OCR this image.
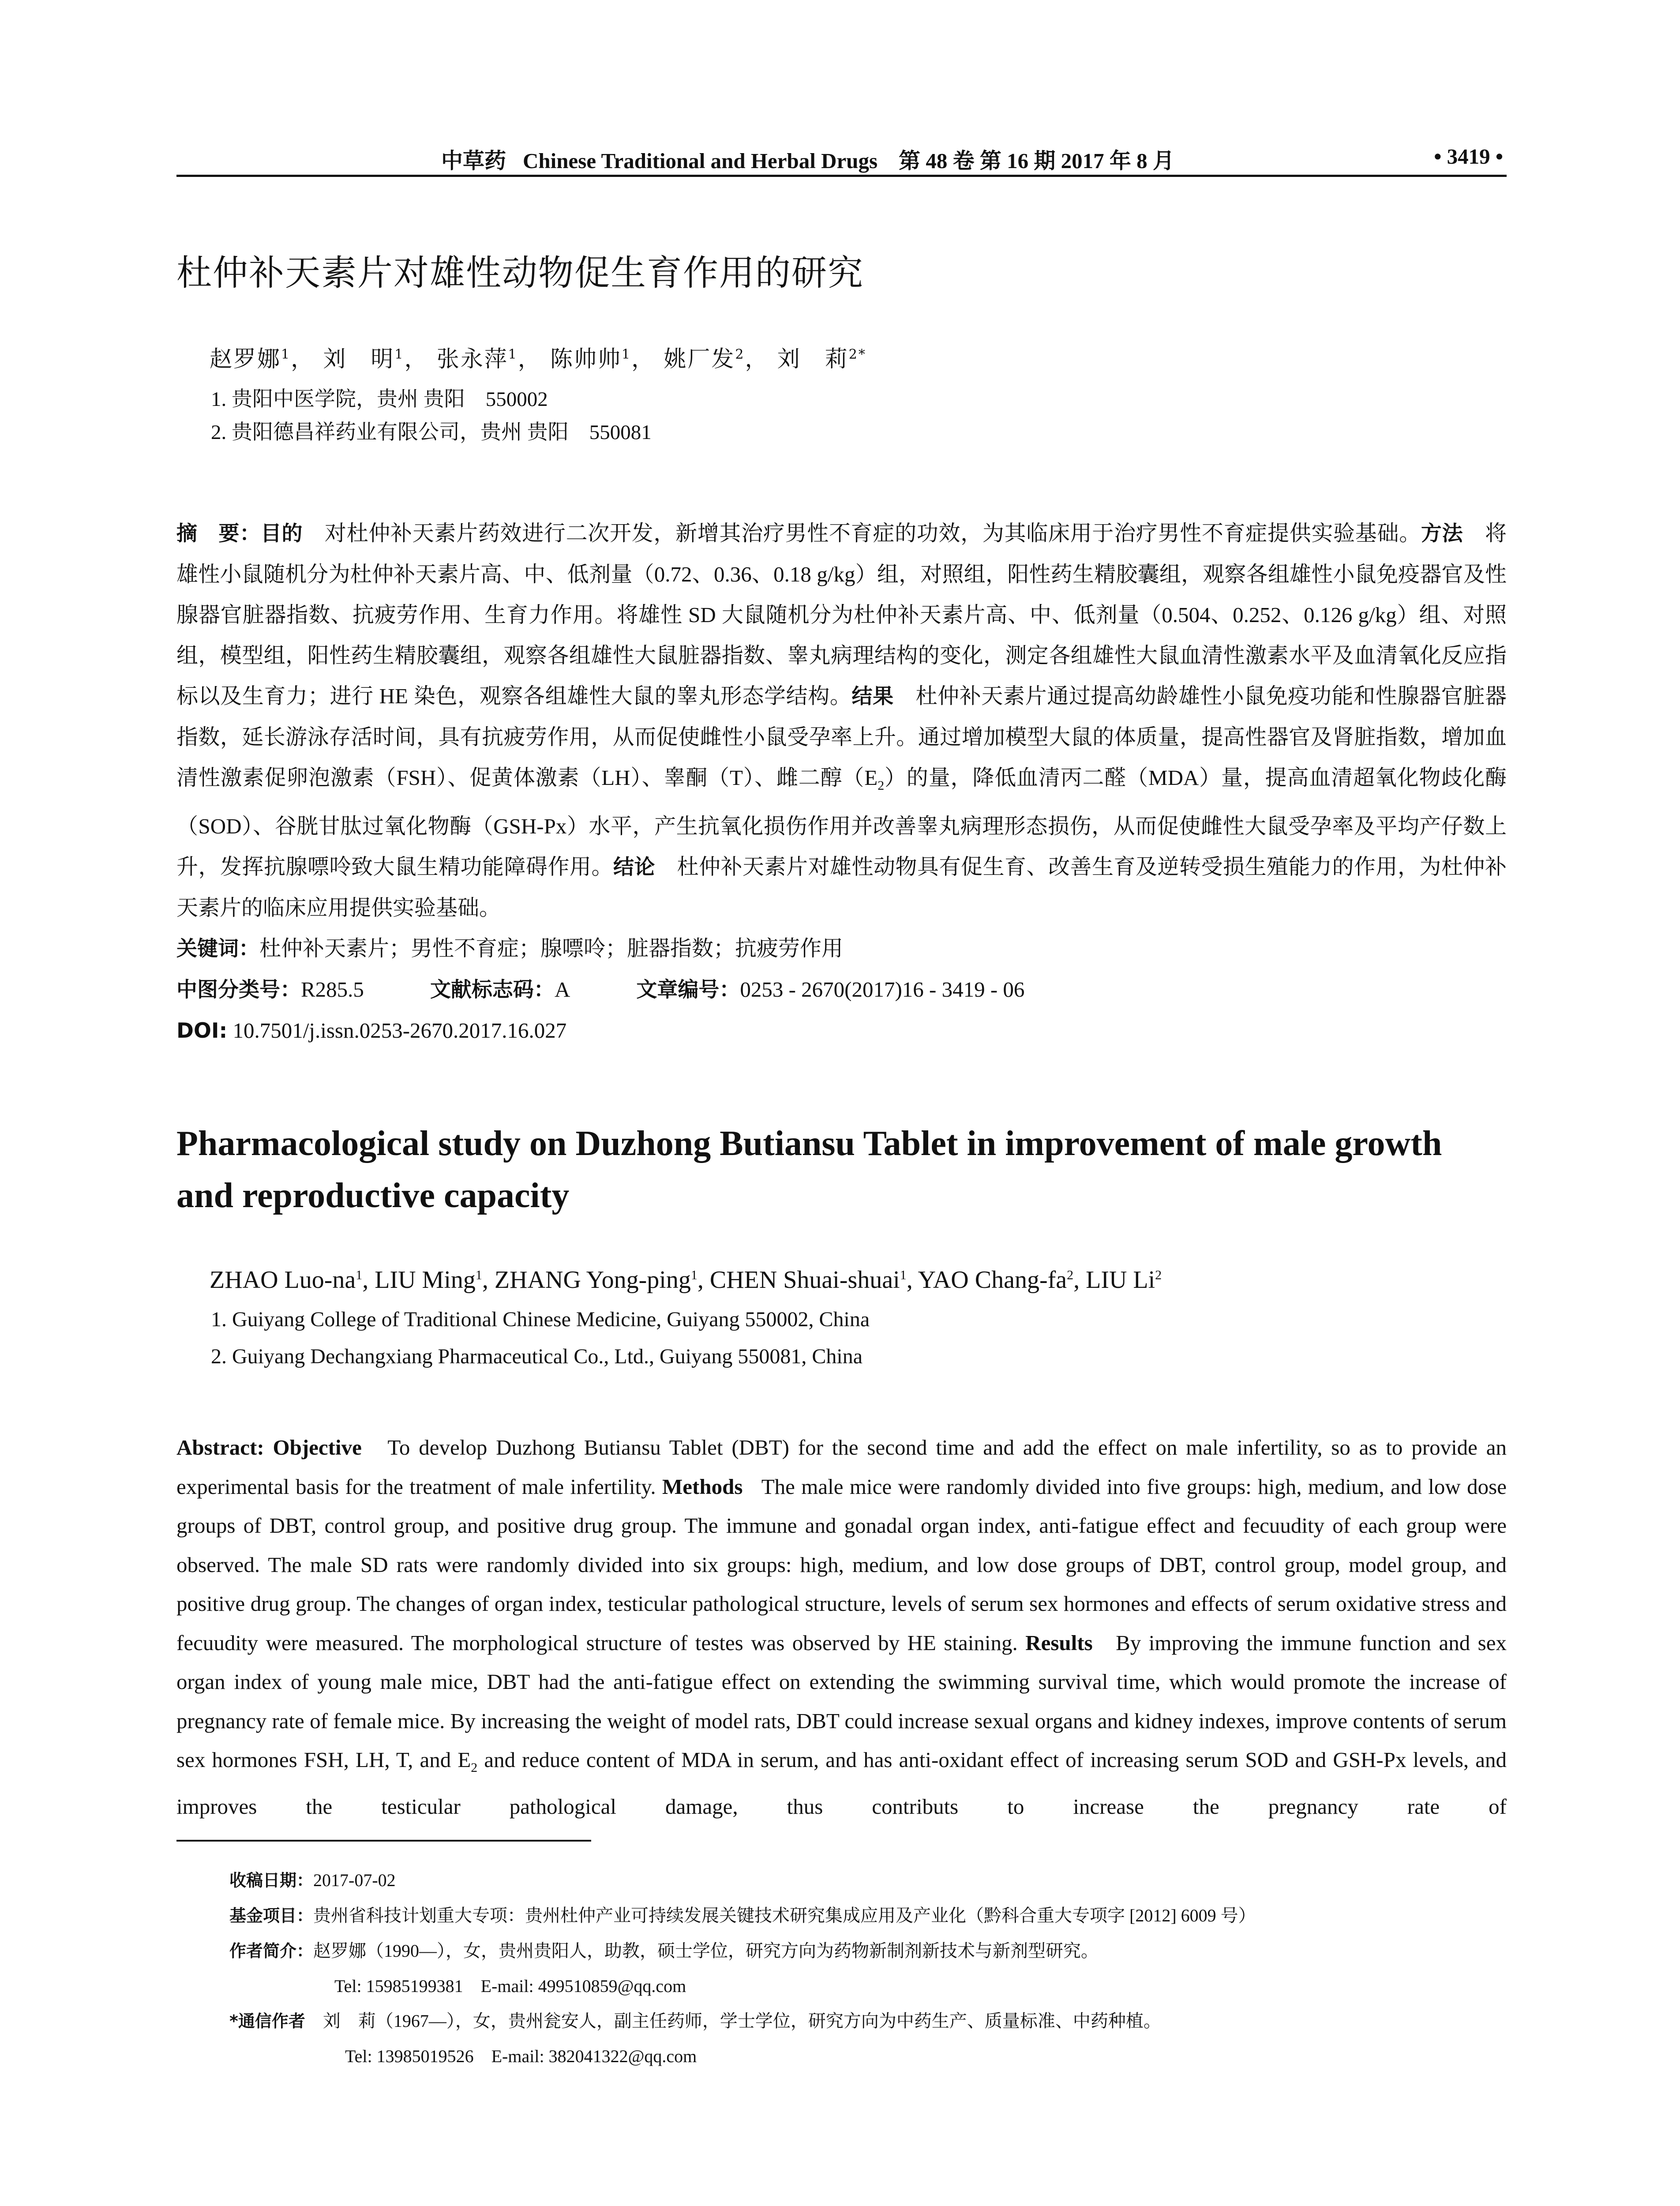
中草药 Chinese Traditional and Herbal Drugs 第 48 卷 第 16 期 2017 年 8 月	• 3419 •
杜仲补天素片对雄性动物促生育作用的研究
赵罗娜$^1$， 刘　明$^1$， 张永萍$^1$， 陈帅帅$^1$， 姚厂发$^2$， 刘　莉$^{2*}$
1. 贵阳中医学院，贵州 贵阳　550002
2. 贵阳德昌祥药业有限公司，贵州 贵阳　550081

摘　要：目的　对杜仲补天素片药效进行二次开发，新增其治疗男性不育症的功效，为其临床用于治疗男性不育症提供实验基础。方法　将雄性小鼠随机分为杜仲补天素片高、中、低剂量（0.72、0.36、0.18 g/kg）组，对照组，阳性药生精胶囊组，观察各组雄性小鼠免疫器官及性腺器官脏器指数、抗疲劳作用、生育力作用。将雄性 SD 大鼠随机分为杜仲补天素片高、中、低剂量（0.504、0.252、0.126 g/kg）组、对照组，模型组，阳性药生精胶囊组，观察各组雄性大鼠脏器指数、睾丸病理结构的变化，测定各组雄性大鼠血清性激素水平及血清氧化反应指标以及生育力；进行 HE 染色，观察各组雄性大鼠的睾丸形态学结构。结果　杜仲补天素片通过提高幼龄雄性小鼠免疫功能和性腺器官脏器指数，延长游泳存活时间，具有抗疲劳作用，从而促使雌性小鼠受孕率上升。通过增加模型大鼠的体质量，提高性器官及肾脏指数，增加血清性激素促卵泡激素（FSH）、促黄体激素（LH）、睾酮（T）、雌二醇$(E_2)$的量，降低血清丙二醛（MDA）量，提高血清超氧化物歧化酶（SOD）、谷胱甘肽过氧化物酶（GSH-Px）水平，产生抗氧化损伤作用并改善睾丸病理形态损伤，从而促使雌性大鼠受孕率及平均产仔数上升，发挥抗腺嘌呤致大鼠生精功能障碍作用。结论　杜仲补天素片对雄性动物具有促生育、改善生育及逆转受损生殖能力的作用，为杜仲补天素片的临床应用提供实验基础。

关键词：杜仲补天素片；男性不育症；腺嘌呤；脏器指数；抗疲劳作用
中图分类号：R285.5	文献标志码：A	文章编号：0253 - 2670(2017)16 - 3419 - 06
DOI: 10.7501/j.issn.0253-2670.2017.16.027
Pharmacological study on Duzhong Butiansu Tablet in improvement of male growth and reproductive capacity
ZHAO Luo-$na^1$, LIU Ming$^1$, ZHANG Yong-ping$^1$, CHEN Shuai-shuai$^1$, YAO Chang-$fa^2$, LIU Li$^2$
1. Guiyang College of Traditional Chinese Medicine, Guiyang 550002, China
2. Guiyang Dechangxiang Pharmaceutical Co., Ltd., Guiyang 550081, China
Abstract: Objective   To develop Duzhong Butiansu Tablet (DBT) for the second time and add the effect on male infertility, so as to provide an experimental basis for the treatment of male infertility. Methods   The male mice were randomly divided into five groups: high, medium, and low dose groups of DBT, control group, and positive drug group. The immune and gonadal organ index, anti-fatigue effect and fecuudity of each group were observed. The male SD rats were randomly divided into six groups: high, medium, and low dose groups of DBT, control group, model group, and positive drug group. The changes of organ index, testicular pathological structure, levels of serum sex hormones and effects of serum oxidative stress and fecuudity were measured. The morphological structure of testes was observed by HE staining. Results   By improving the immune function and sex organ index of young male mice, DBT had the anti-fatigue effect on extending the swimming survival time, which would promote the increase of pregnancy rate of female mice. By increasing the weight of model rats, DBT could increase sexual organs and kidney indexes, improve contents of serum sex hormones FSH, LH, T, and $E_2$ and reduce content of MDA in serum, and has anti-oxidant effect of increasing serum SOD and GSH-Px levels, and improves the testicular pathological damage, thus contributs to increase the pregnancy rate of
收稿日期：2017-07-02
基金项目：贵州省科技计划重大专项：贵州杜仲产业可持续发展关键技术研究集成应用及产业化（黔科合重大专项字 [2012] 6009 号）
作者简介：赵罗娜（1990—），女，贵州贵阳人，助教，硕士学位，研究方向为药物新制剂新技术与新剂型研究。
Tel: 15985199381　E-mail: 499510859@qq.com
*通信作者　刘　莉（1967—），女，贵州瓮安人，副主任药师，学士学位，研究方向为中药生产、质量标准、中药种植。
Tel: 13985019526　E-mail: 382041322@qq.com
